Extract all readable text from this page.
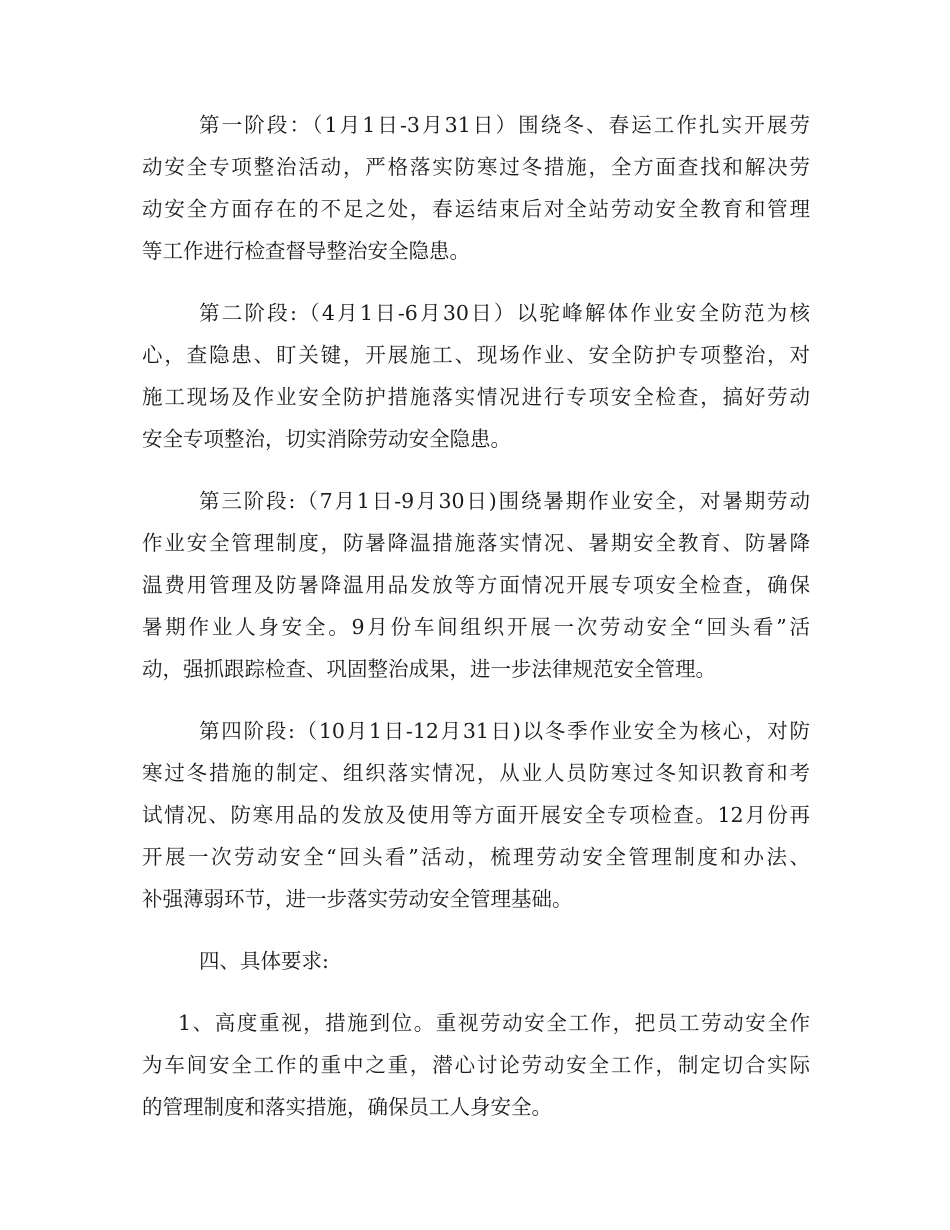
第一阶段：（1月1日-3月31日）围绕冬、春运工作扎实开展劳
动安全专项整治活动，严格落实防寒过冬措施，全方面查找和解决劳
动安全方面存在的不足之处，春运结束后对全站劳动安全教育和管理
等工作进行检查督导整治安全隐患。
第二阶段:（4月1日-6月30日）以驼峰解体作业安全防范为核
心，查隐患、盯关键，开展施工、现场作业、安全防护专项整治，对
施工现场及作业安全防护措施落实情况进行专项安全检查，搞好劳动
安全专项整治，切实消除劳动安全隐患。
第三阶段:（7月1日-9月30日)围绕暑期作业安全，对暑期劳动
作业安全管理制度，防暑降温措施落实情况、暑期安全教育、防暑降
温费用管理及防暑降温用品发放等方面情况开展专项安全检查，确保
暑期作业人身安全。9月份车间组织开展一次劳动安全“回头看”活
动，强抓跟踪检查、巩固整治成果，进一步法律规范安全管理。
第四阶段:（10月1日-12月31日)以冬季作业安全为核心，对防
寒过冬措施的制定、组织落实情况，从业人员防寒过冬知识教育和考
试情况、防寒用品的发放及使用等方面开展安全专项检查。12月份再
开展一次劳动安全“回头看”活动，梳理劳动安全管理制度和办法、
补强薄弱环节，进一步落实劳动安全管理基础。
四、具体要求:
1、高度重视，措施到位。重视劳动安全工作，把员工劳动安全作
为车间安全工作的重中之重，潜心讨论劳动安全工作，制定切合实际
的管理制度和落实措施，确保员工人身安全。
